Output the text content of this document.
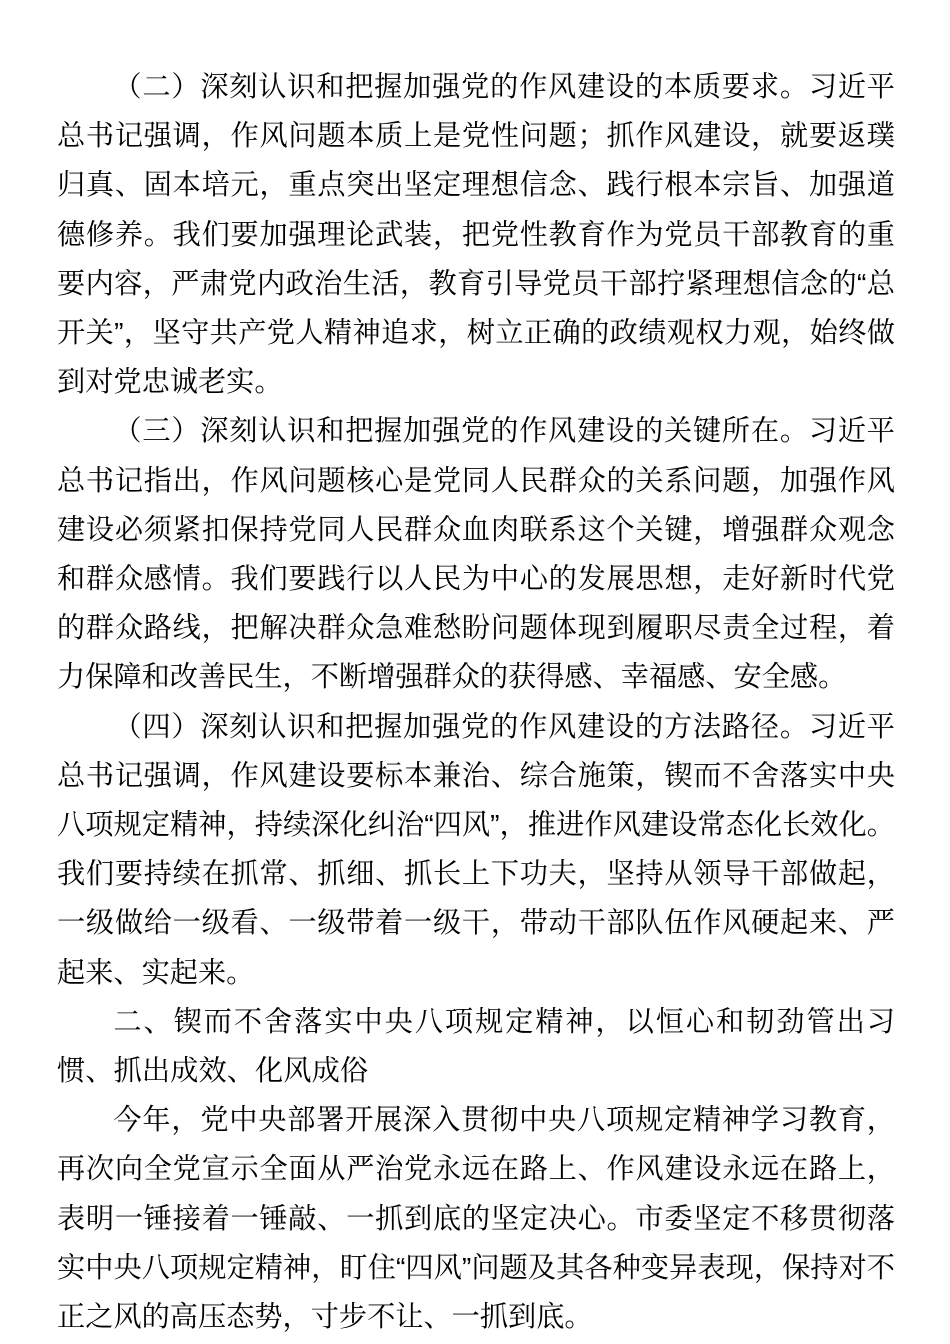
（二）深刻认识和把握加强党的作风建设的本质要求。习近平总书记强调，作风问题本质上是党性问题；抓作风建设，就要返璞归真、固本培元，重点突出坚定理想信念、践行根本宗旨、加强道德修养。我们要加强理论武装，把党性教育作为党员干部教育的重要内容，严肃党内政治生活，教育引导党员干部拧紧理想信念的“总开关”，坚守共产党人精神追求，树立正确的政绩观权力观，始终做到对党忠诚老实。

（三）深刻认识和把握加强党的作风建设的关键所在。习近平总书记指出，作风问题核心是党同人民群众的关系问题，加强作风建设必须紧扣保持党同人民群众血肉联系这个关键，增强群众观念和群众感情。我们要践行以人民为中心的发展思想，走好新时代党的群众路线，把解决群众急难愁盼问题体现到履职尽责全过程，着力保障和改善民生，不断增强群众的获得感、幸福感、安全感。

（四）深刻认识和把握加强党的作风建设的方法路径。习近平总书记强调，作风建设要标本兼治、综合施策，锲而不舍落实中央八项规定精神，持续深化纠治“四风”，推进作风建设常态化长效化。我们要持续在抓常、抓细、抓长上下功夫，坚持从领导干部做起，一级做给一级看、一级带着一级干，带动干部队伍作风硬起来、严起来、实起来。

二、锲而不舍落实中央八项规定精神，以恒心和韧劲管出习惯、抓出成效、化风成俗

今年，党中央部署开展深入贯彻中央八项规定精神学习教育，再次向全党宣示全面从严治党永远在路上、作风建设永远在路上，表明一锤接着一锤敲、一抓到底的坚定决心。市委坚定不移贯彻落实中央八项规定精神，盯住“四风”问题及其各种变异表现，保持对不正之风的高压态势，寸步不让、一抓到底。
